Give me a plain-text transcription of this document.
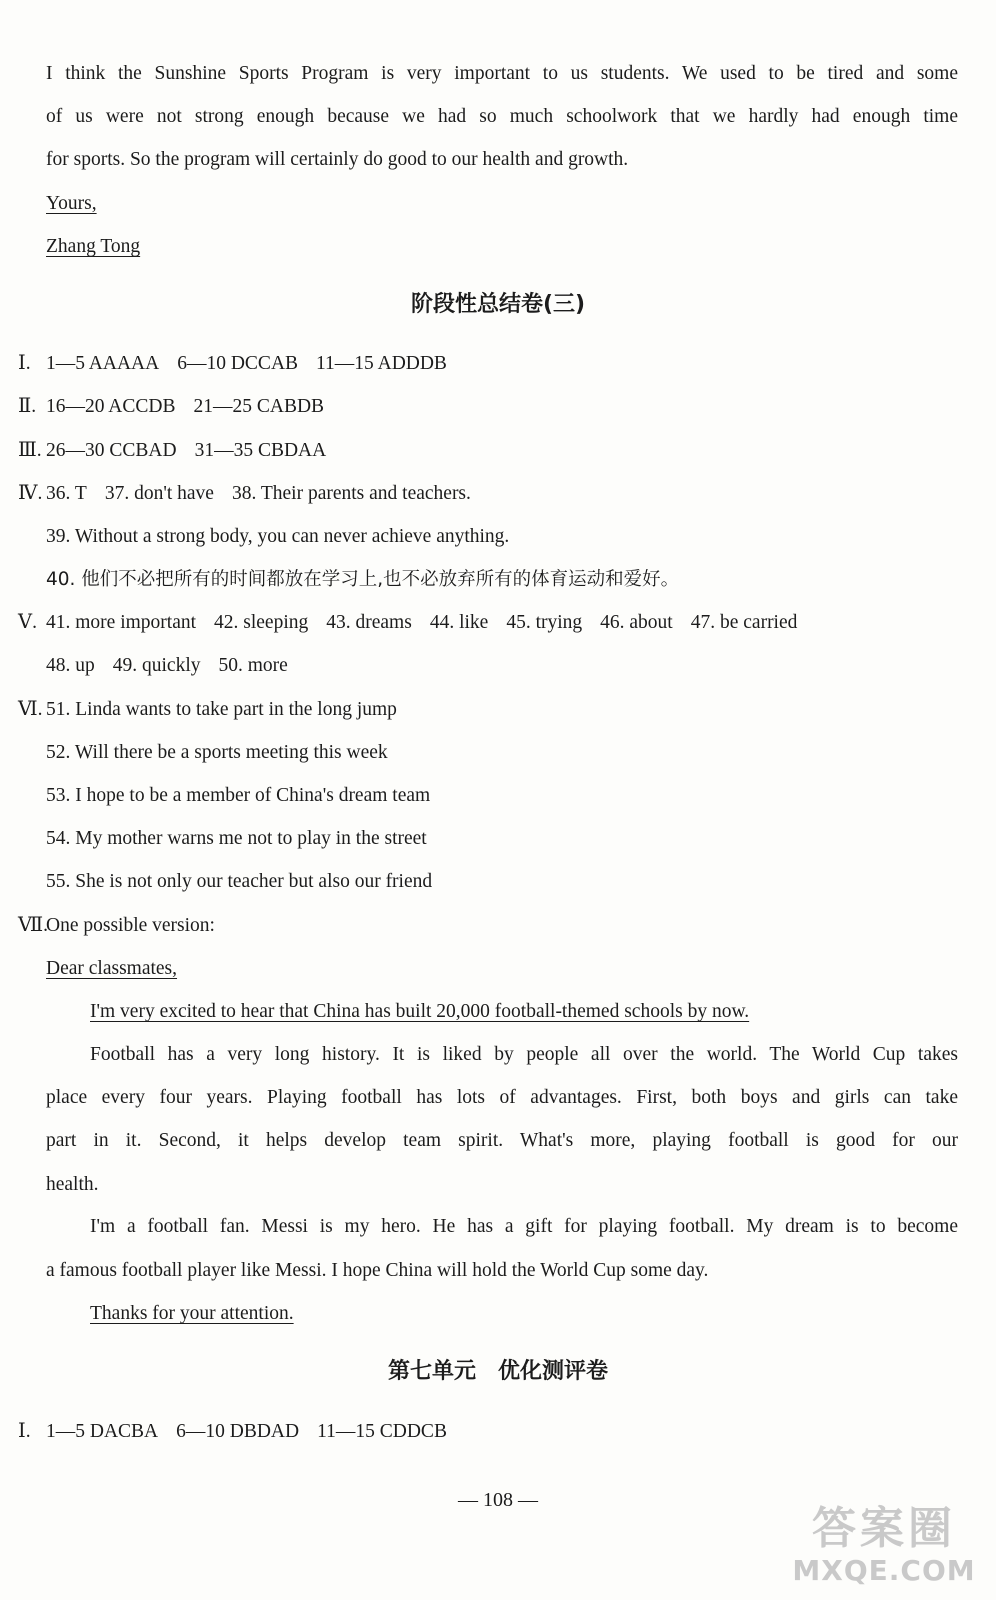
I think the Sunshine Sports Program is very important to us students. We used to be tired and some
of us were not strong enough because we had so much schoolwork that we hardly had enough time
for sports. So the program will certainly do good to our health and growth.
Yours,
Zhang Tong
阶段性总结卷(三)
Ⅰ. 1—5 AAAAA 6—10 DCCAB 11—15 ADDDB
Ⅱ. 16—20 ACCDB 21—25 CABDB
Ⅲ. 26—30 CCBAD 31—35 CBDAA
Ⅳ. 36. T 37. don't have 38. Their parents and teachers.
39. Without a strong body, you can never achieve anything.
40. 他们不必把所有的时间都放在学习上,也不必放弃所有的体育运动和爱好。
Ⅴ. 41. more important 42. sleeping 43. dreams 44. like 45. trying 46. about 47. be carried
48. up 49. quickly 50. more
Ⅵ. 51. Linda wants to take part in the long jump
52. Will there be a sports meeting this week
53. I hope to be a member of China's dream team
54. My mother warns me not to play in the street
55. She is not only our teacher but also our friend
Ⅶ.One possible version:
Dear classmates,
I'm very excited to hear that China has built 20,000 football-themed schools by now.
Football has a very long history. It is liked by people all over the world. The World Cup takes
place every four years. Playing football has lots of advantages. First, both boys and girls can take
part in it. Second, it helps develop team spirit. What's more, playing football is good for our
health.
I'm a football fan. Messi is my hero. He has a gift for playing football. My dream is to become
a famous football player like Messi. I hope China will hold the World Cup some day.
Thanks for your attention.
第七单元　优化测评卷
Ⅰ. 1—5 DACBA 6—10 DBDAD 11—15 CDDCB
— 108 —
答案圈
MXQE.COM
